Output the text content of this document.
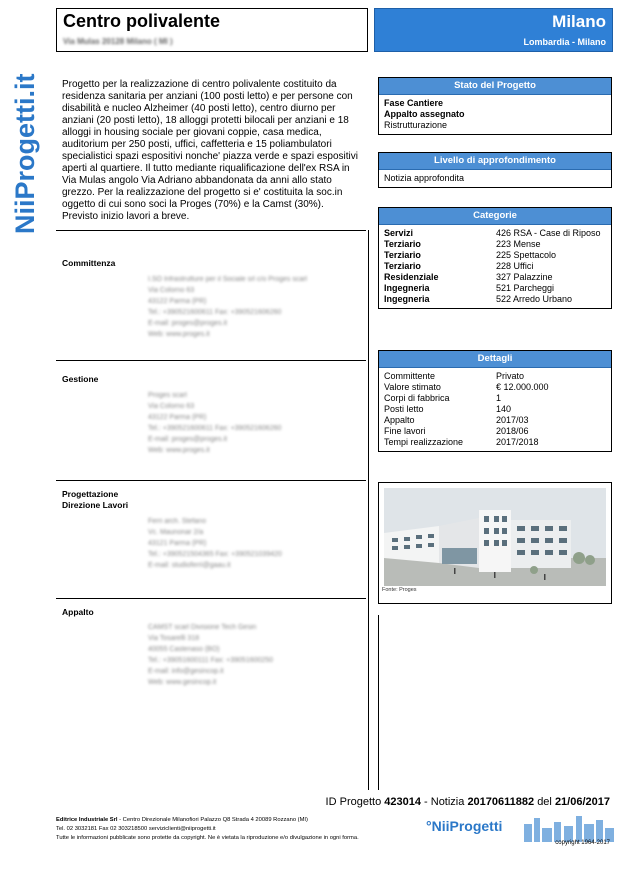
NiiProgetti.it
Centro polivalente
Via Mulas 20128 Milano ( MI )
Milano
Lombardia - Milano
Progetto per la realizzazione di centro polivalente costituito da residenza sanitaria per anziani (100 posti letto) e per persone con disabilità e nucleo Alzheimer (40 posti letto), centro diurno per anziani (20 posti letto), 18 alloggi protetti bilocali per anziani e 18 alloggi in housing sociale per giovani coppie, casa medica, auditorium per 250 posti, uffici, caffetteria e 15 poliambulatori specialistici spazi espositivi nonche' piazza verde e spazi espositivi aperti al quartiere. Il tutto mediante riqualificazione dell'ex RSA in Via Mulas angolo Via Adriano abbandonata da anni allo stato grezzo. Per la realizzazione del progetto si e' costituita la soc.in oggetto di cui sono soci la Proges (70%) e la Camst (30%). Previsto inizio lavori a breve.
Committenza
I.SO Infrastrutture per il Sociale srl c/o Proges scarl
Via Colorno 63
43122 Parma (PR)
Tel.: +390521600611 Fax: +390521606260
E-mail: proges@proges.it
Web: www.proges.it
Gestione
Proges scarl
Via Colorno 63
43122 Parma (PR)
Tel.: +390521600611 Fax: +390521606260
E-mail: proges@proges.it
Web: www.proges.it
Progettazione
Direzione Lavori
Ferri arch. Stefano
Vc. Maunonar 2/a
43121 Parma (PR)
Tel.: +390521504365 Fax: +390521039420
E-mail: studioferri@gaau.it
Appalto
CAMST scarl Divisione Tech Gesin
Via Tosarelli 318
40055 Castenaso (BO)
Tel.: +39051600111 Fax: +39051600250
E-mail: info@gesincop.it
Web: www.gesincop.it
Stato del Progetto
Fase Cantiere
Appalto assegnato
Ristrutturazione
Livello di approfondimento
Notizia approfondita
Categorie
Servizi	426 RSA - Case di Riposo
Terziario	223 Mense
Terziario	225 Spettacolo
Terziario	228 Uffici
Residenziale	327 Palazzine
Ingegneria	521 Parcheggi
Ingegneria	522 Arredo Urbano
Dettagli
Committente	Privato
Valore stimato	€ 12.000.000
Corpi di fabbrica	1
Posti letto	140
Appalto	2017/03
Fine lavori	2018/06
Tempi realizzazione	2017/2018
Fonte: Proges
ID Progetto 423014 - Notizia 20170611882 del 21/06/2017
Editrice Industriale Srl - Centro Direzionale Milanofiori Palazzo Q8 Strada 4 20089 Rozzano (MI)
Tel. 02 3032181 Fax 02 303218500 serviziclienti@niiprogetti.it
Tutte le informazioni pubblicate sono protette da copyright. Ne è vietata la riproduzione e/o divulgazione in ogni forma.
°NiiProgetti
copyright 1964-2017
